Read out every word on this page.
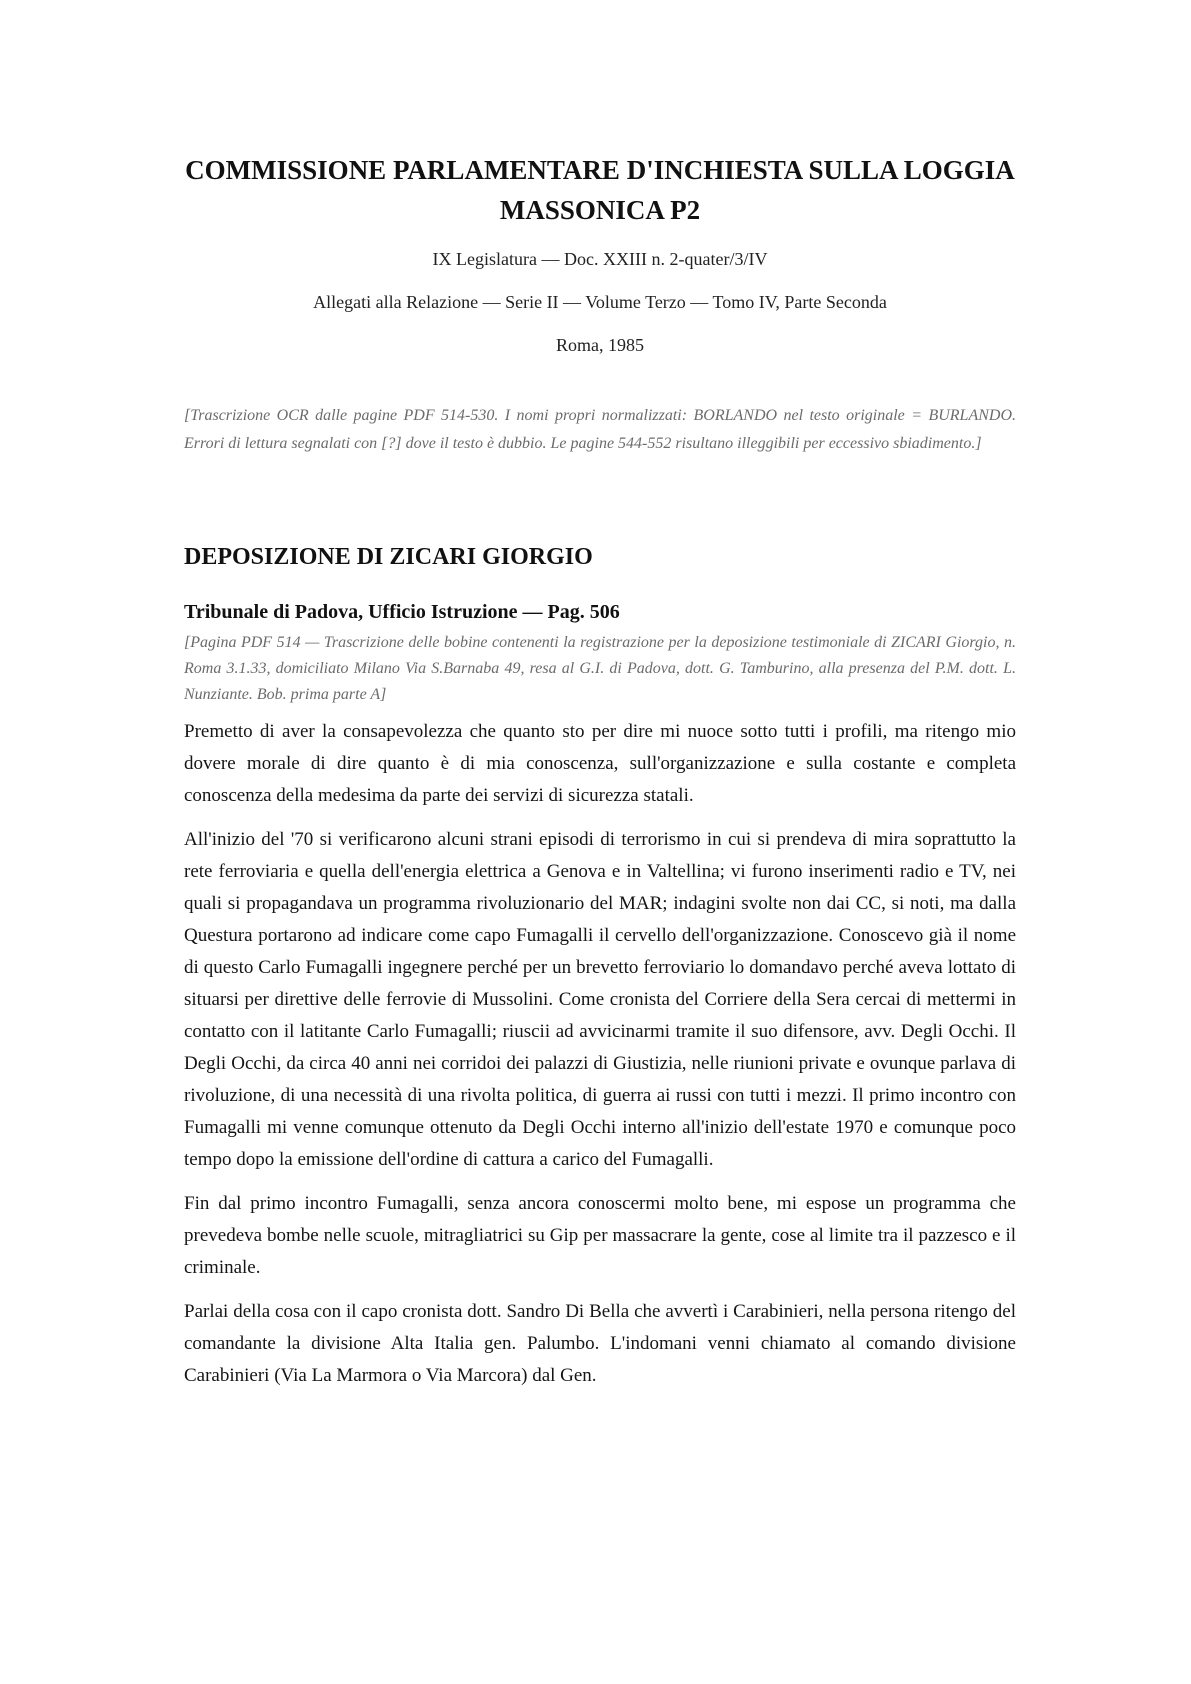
COMMISSIONE PARLAMENTARE D'INCHIESTA SULLA LOGGIA MASSONICA P2

IX Legislatura — Doc. XXIII n. 2-quater/3/IV

Allegati alla Relazione — Serie II — Volume Terzo — Tomo IV, Parte Seconda

Roma, 1985

[Trascrizione OCR dalle pagine PDF 514-530. I nomi propri normalizzati: BORLANDO nel testo originale = BURLANDO. Errori di lettura segnalati con [?] dove il testo è dubbio. Le pagine 544-552 risultano illeggibili per eccessivo sbiadimento.]

DEPOSIZIONE DI ZICARI GIORGIO
Tribunale di Padova, Ufficio Istruzione — Pag. 506

[Pagina PDF 514 — Trascrizione delle bobine contenenti la registrazione per la deposizione testimoniale di ZICARI Giorgio, n. Roma 3.1.33, domiciliato Milano Via S.Barnaba 49, resa al G.I. di Padova, dott. G. Tamburino, alla presenza del P.M. dott. L. Nunziante. Bob. prima parte A]

Premetto di aver la consapevolezza che quanto sto per dire mi nuoce sotto tutti i profili, ma ritengo mio dovere morale di dire quanto è di mia conoscenza, sull'organizzazione e sulla costante e completa conoscenza della medesima da parte dei servizi di sicurezza statali.

All'inizio del '70 si verificarono alcuni strani episodi di terrorismo in cui si prendeva di mira soprattutto la rete ferroviaria e quella dell'energia elettrica a Genova e in Valtellina; vi furono inserimenti radio e TV, nei quali si propagandava un programma rivoluzionario del MAR; indagini svolte non dai CC, si noti, ma dalla Questura portarono ad indicare come capo Fumagalli il cervello dell'organizzazione. Conoscevo già il nome di questo Carlo Fumagalli ingegnere perché per un brevetto ferroviario lo domandavo perché aveva lottato di situarsi per direttive delle ferrovie di Mussolini. Come cronista del Corriere della Sera cercai di mettermi in contatto con il latitante Carlo Fumagalli; riuscii ad avvicinarmi tramite il suo difensore, avv. Degli Occhi. Il Degli Occhi, da circa 40 anni nei corridoi dei palazzi di Giustizia, nelle riunioni private e ovunque parlava di rivoluzione, di una necessità di una rivolta politica, di guerra ai russi con tutti i mezzi. Il primo incontro con Fumagalli mi venne comunque ottenuto da Degli Occhi interno all'inizio dell'estate 1970 e comunque poco tempo dopo la emissione dell'ordine di cattura a carico del Fumagalli.

Fin dal primo incontro Fumagalli, senza ancora conoscermi molto bene, mi espose un programma che prevedeva bombe nelle scuole, mitragliatrici su Gip per massacrare la gente, cose al limite tra il pazzesco e il criminale.

Parlai della cosa con il capo cronista dott. Sandro Di Bella che avvertì i Carabinieri, nella persona ritengo del comandante la divisione Alta Italia gen. Palumbo. L'indomani venni chiamato al comando divisione Carabinieri (Via La Marmora o Via Marcora) dal Gen.
